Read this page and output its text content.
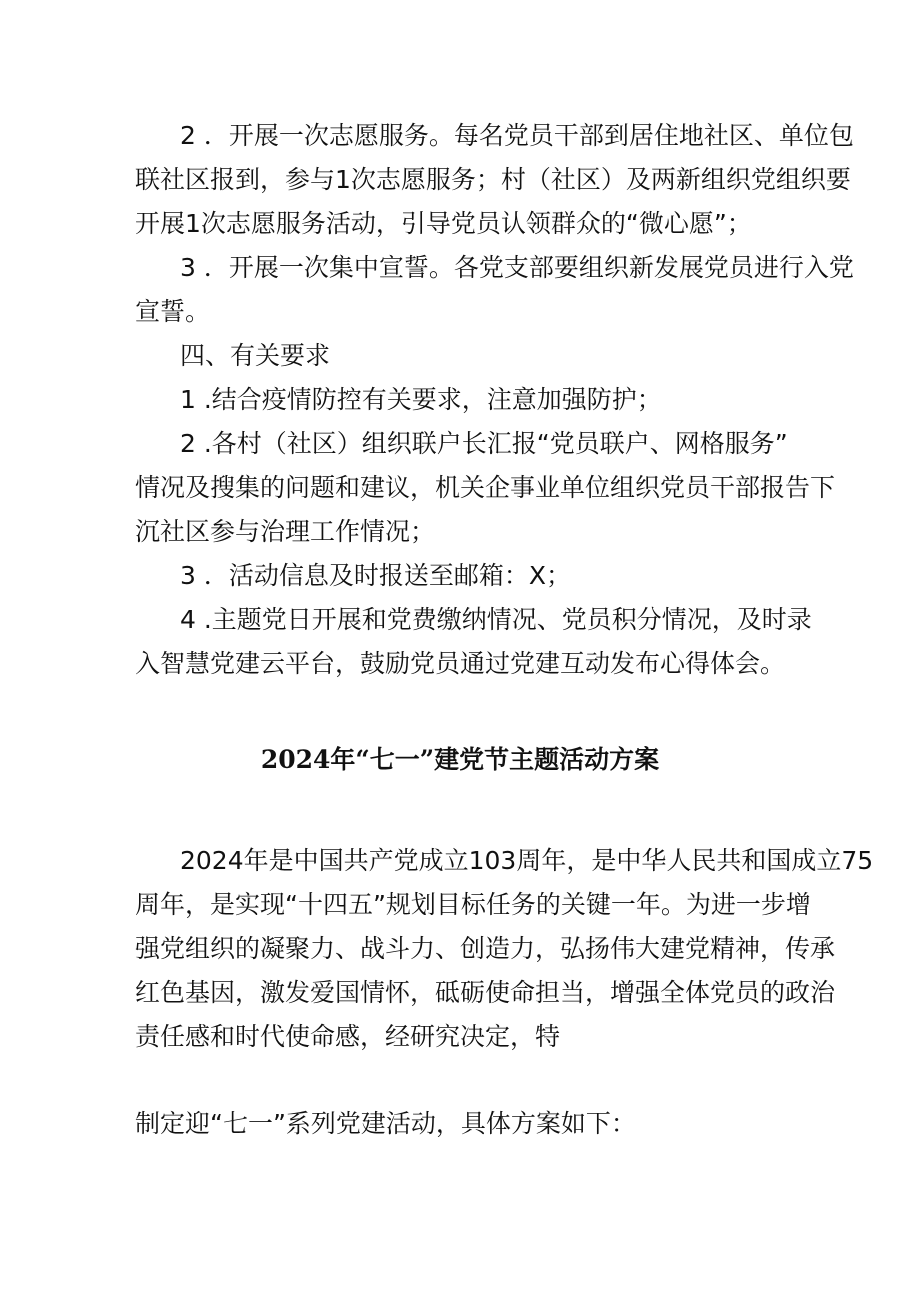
2 ．开展一次志愿服务。每名党员干部到居住地社区、单位包
联社区报到，参与1次志愿服务；村（社区）及两新组织党组织要
开展1次志愿服务活动，引导党员认领群众的“微心愿”；
3 ．开展一次集中宣誓。各党支部要组织新发展党员进行入党
宣誓。
四、有关要求
1 .结合疫情防控有关要求，注意加强防护；
2 .各村（社区）组织联户长汇报“党员联户、网格服务”
情况及搜集的问题和建议，机关企事业单位组织党员干部报告下
沉社区参与治理工作情况；
3 ．活动信息及时报送至邮箱：X；
4 .主题党日开展和党费缴纳情况、党员积分情况，及时录
入智慧党建云平台，鼓励党员通过党建互动发布心得体会。
2024年“七一”建党节主题活动方案
2024年是中国共产党成立103周年，是中华人民共和国成立75
周年，是实现“十四五”规划目标任务的关键一年。为进一步增
强党组织的凝聚力、战斗力、创造力，弘扬伟大建党精神，传承
红色基因，激发爱国情怀，砥砺使命担当，增强全体党员的政治
责任感和时代使命感，经研究决定，特
制定迎“七一”系列党建活动，具体方案如下：
